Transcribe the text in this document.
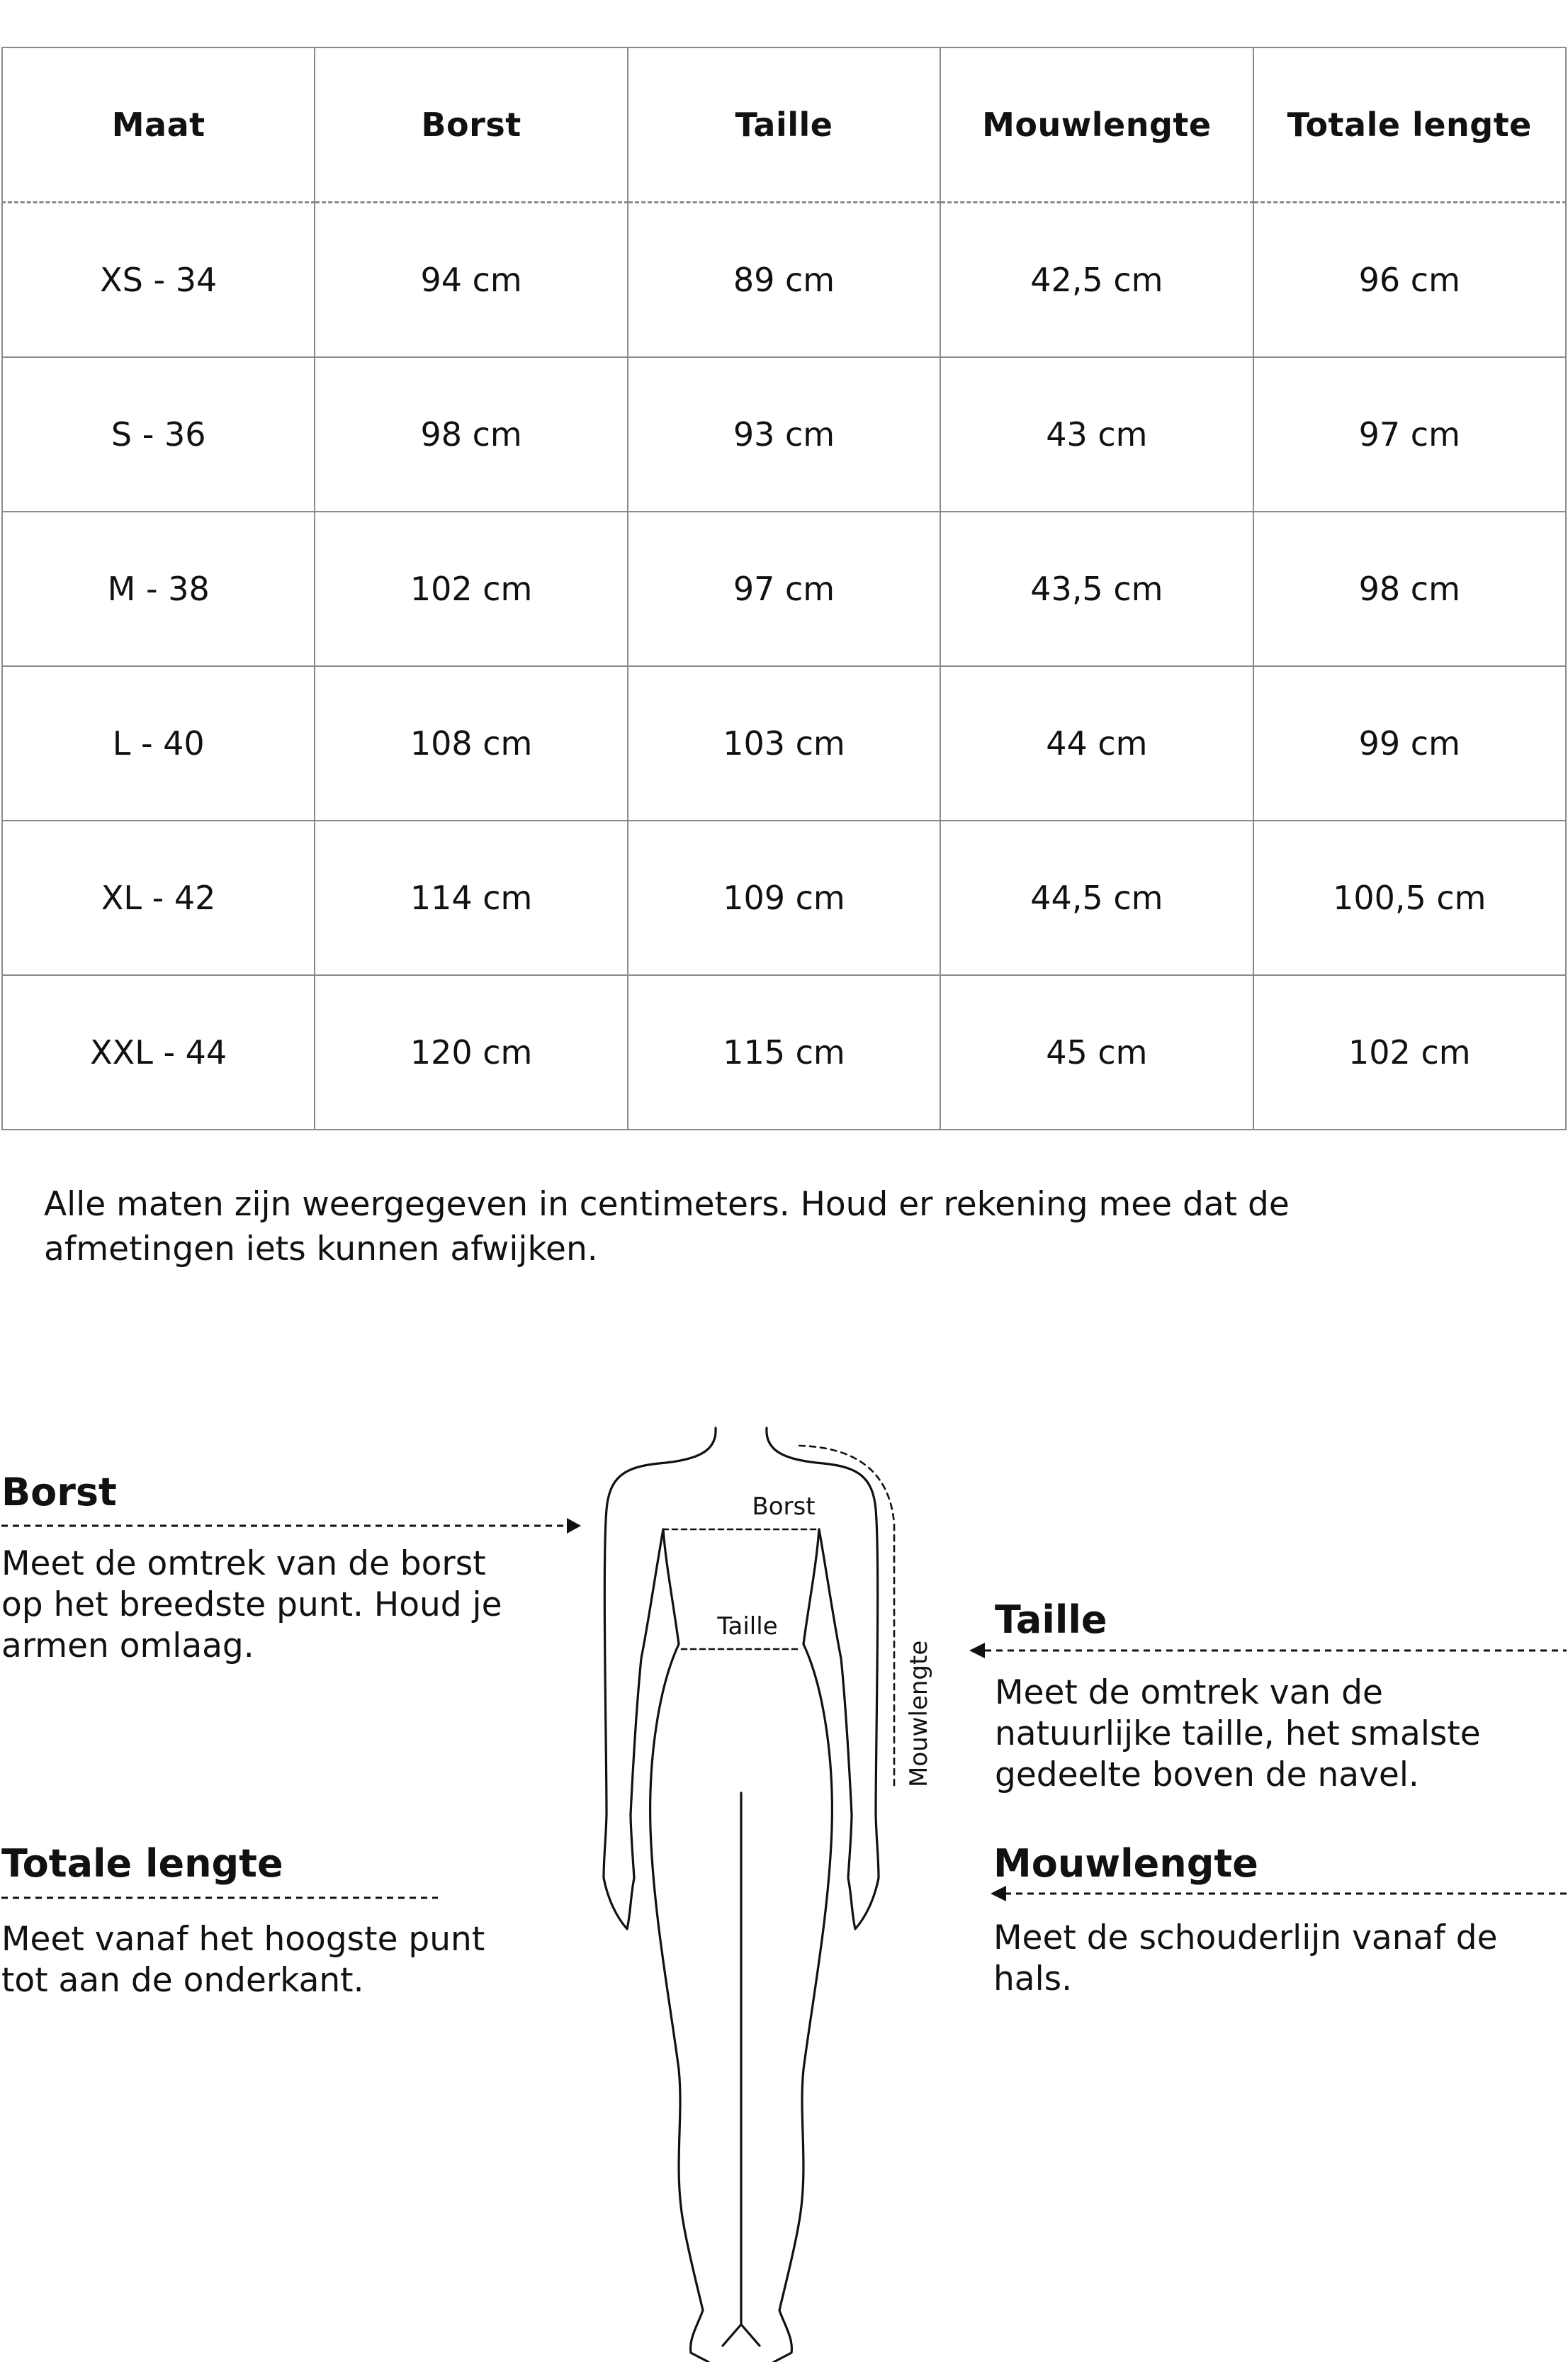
Maat	Borst	Taille	Mouwlengte	Totale lengte
XS - 34	94 cm	89 cm	42,5 cm	96 cm
S - 36	98 cm	93 cm	43 cm	97 cm
M - 38	102 cm	97 cm	43,5 cm	98 cm
L - 40	108 cm	103 cm	44 cm	99 cm
XL - 42	114 cm	109 cm	44,5 cm	100,5 cm
XXL - 44	120 cm	115 cm	45 cm	102 cm

Alle maten zijn weergegeven in centimeters. Houd er rekening mee dat de
afmetingen iets kunnen afwijken.

Borst
Taille
Mouwlengte
Borst

Meet de omtrek van de borst
op het breedste punt. Houd je
armen omlaag.

Taille

Meet de omtrek van de
natuurlijke taille, het smalste
gedeelte boven de navel.

Totale lengte

Meet vanaf het hoogste punt
tot aan de onderkant.

Mouwlengte

Meet de schouderlijn vanaf de
hals.
